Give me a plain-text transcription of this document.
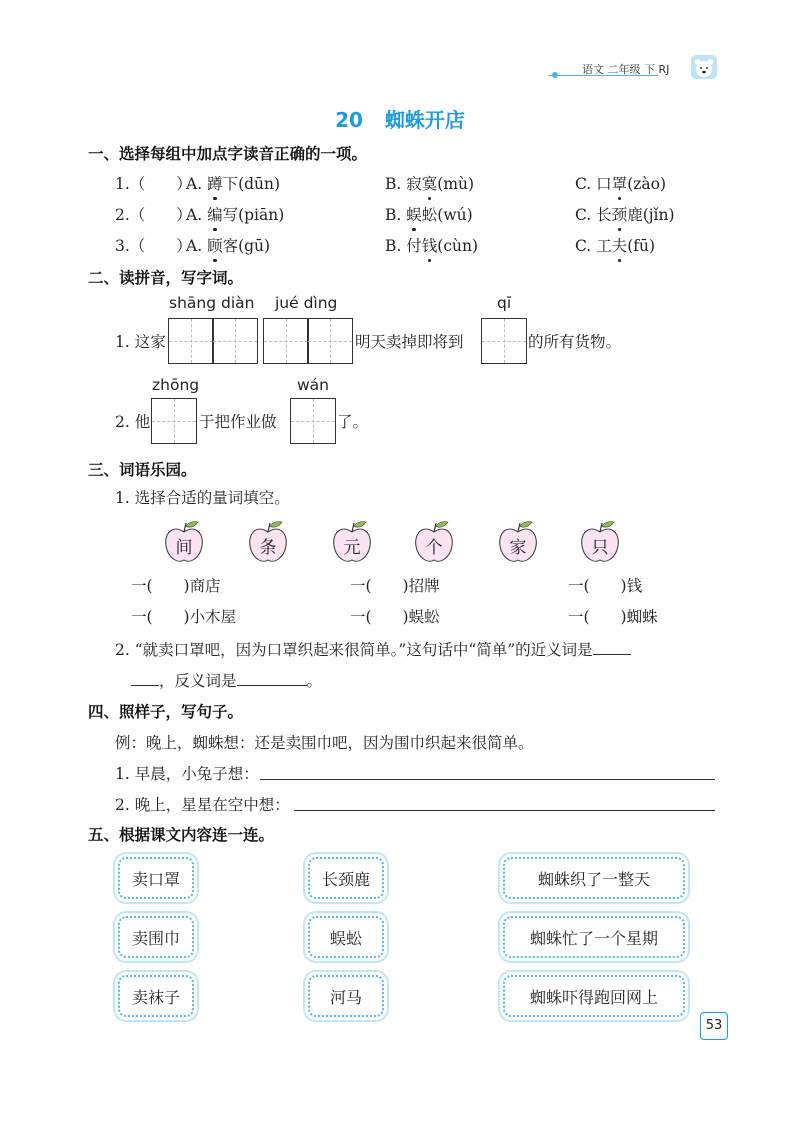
语文 二年级 下 RJ
20 蜘蛛开店
一、选择每组中加点字读音正确的一项。
1.（　　）
A. 蹲下(dūn)	B. 寂寞(mù)	C. 口罩(zào)
2.（　　）
A. 编写(piān)	B. 蜈蚣(wú)	C. 长颈鹿(jǐn)
3.（　　）
A. 顾客(gū)	B. 付钱(cùn)	C. 工夫(fū)
二、读拼音，写字词。
shāng diàn jué dìng	qī
1. 这家	明天卖掉即将到	的所有货物。
zhōng	wán
2. 他	于把作业做	了。
三、词语乐园。
1. 选择合适的量词填空。
间	条	元	个	家	只
一(　　)商店	一(　　)招牌	一(　　)钱
一(　　)小木屋	一(　　)蜈蚣	一(　　)蜘蛛
2. “就卖口罩吧，因为口罩织起来很简单。”这句话中“简单”的近义词是
，反义词是	。
四、照样子，写句子。
例：晚上，蜘蛛想：还是卖围巾吧，因为围巾织起来很简单。
1. 早晨，小兔子想：
2. 晚上，星星在空中想：
五、根据课文内容连一连。
卖口罩
卖围巾
卖袜子
长颈鹿
蜈蚣
河马
蜘蛛织了一整天
蜘蛛忙了一个星期
蜘蛛吓得跑回网上
53
